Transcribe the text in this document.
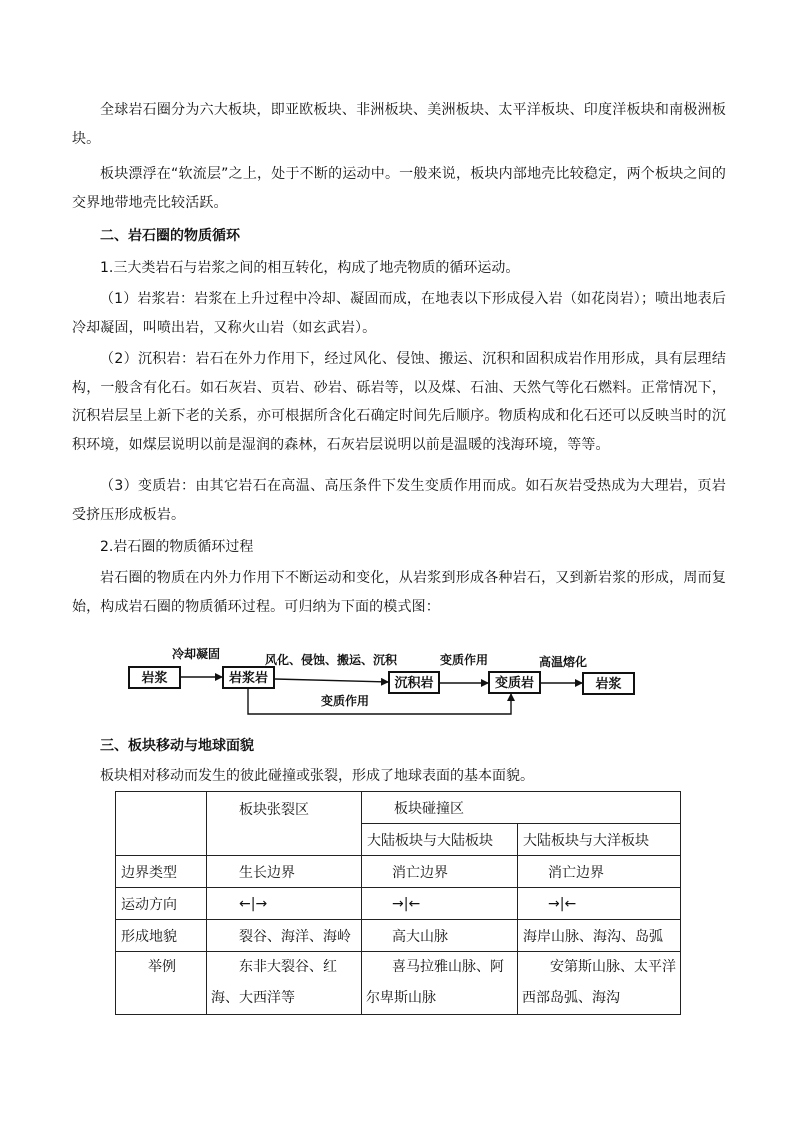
全球岩石圈分为六大板块，即亚欧板块、非洲板块、美洲板块、太平洋板块、印度洋板块和南极洲板块。
板块漂浮在“软流层”之上，处于不断的运动中。一般来说，板块内部地壳比较稳定，两个板块之间的交界地带地壳比较活跃。
二、岩石圈的物质循环
1.三大类岩石与岩浆之间的相互转化，构成了地壳物质的循环运动。
（1）岩浆岩：岩浆在上升过程中冷却、凝固而成，在地表以下形成侵入岩（如花岗岩）；喷出地表后冷却凝固，叫喷出岩，又称火山岩（如玄武岩）。
（2）沉积岩：岩石在外力作用下，经过风化、侵蚀、搬运、沉积和固积成岩作用形成，具有层理结构，一般含有化石。如石灰岩、页岩、砂岩、砾岩等，以及煤、石油、天然气等化石燃料。正常情况下，沉积岩层呈上新下老的关系，亦可根据所含化石确定时间先后顺序。物质构成和化石还可以反映当时的沉积环境，如煤层说明以前是湿润的森林，石灰岩层说明以前是温暖的浅海环境，等等。
（3）变质岩：由其它岩石在高温、高压条件下发生变质作用而成。如石灰岩受热成为大理岩，页岩受挤压形成板岩。
2.岩石圈的物质循环过程
岩石圈的物质在内外力作用下不断运动和变化，从岩浆到形成各种岩石，又到新岩浆的形成，周而复始，构成岩石圈的物质循环过程。可归纳为下面的模式图：
岩浆	岩浆岩	沉积岩	变质岩	岩浆
冷却凝固	风化、侵蚀、搬运、沉积	变质作用	高温熔化
变质作用
三、板块移动与地球面貌
板块相对移动而发生的彼此碰撞或张裂，形成了地球表面的基本面貌。
	板块张裂区	板块碰撞区	
		大陆板块与大陆板块	大陆板块与大洋板块
边界类型	生长边界	消亡边界	消亡边界
运动方向	←|→	→|←	→|←
形成地貌	裂谷、海洋、海岭	高大山脉	海岸山脉、海沟、岛弧
举例	东非大裂谷、红海、大西洋等	喜马拉雅山脉、阿尔卑斯山脉	安第斯山脉、太平洋西部岛弧、海沟
